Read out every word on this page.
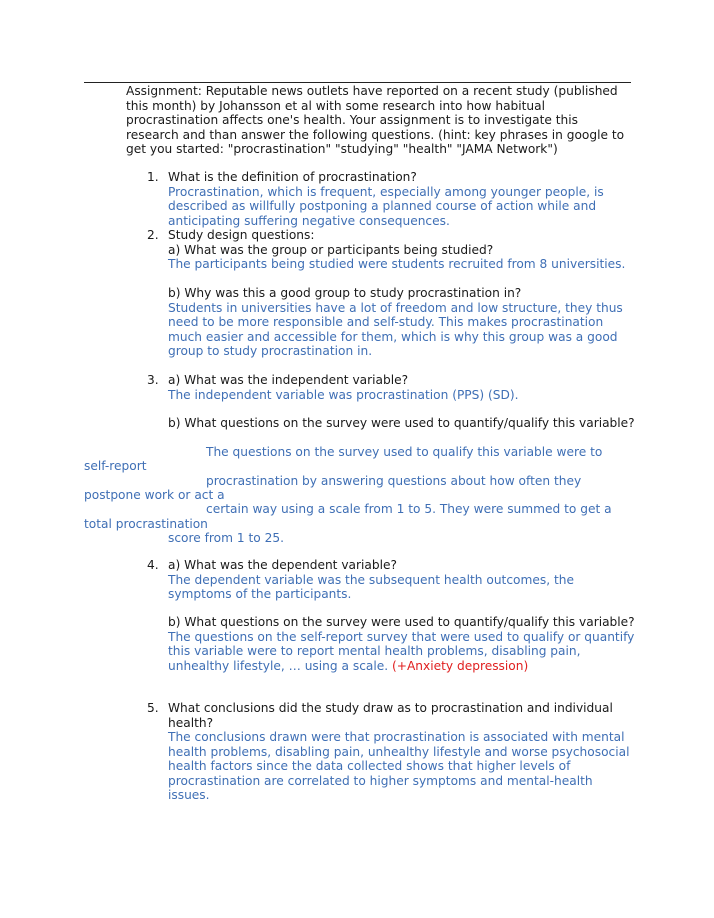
Assignment: Reputable news outlets have reported on a recent study (published this month) by Johansson et al with some research into how habitual procrastination affects one's health. Your assignment is to investigate this research and than answer the following questions. (hint: key phrases in google to get you started: "procrastination" "studying" "health" "JAMA Network")

1. What is the definition of procrastination?

Procrastination, which is frequent, especially among younger people, is described as willfully postponing a planned course of action while and anticipating suffering negative consequences.

2. Study design questions:

a) What was the group or participants being studied?

The participants being studied were students recruited from 8 universities.

b) Why was this a good group to study procrastination in?

Students in universities have a lot of freedom and low structure, they thus need to be more responsible and self-study. This makes procrastination much easier and accessible for them, which is why this group was a good group to study procrastination in.

3. a) What was the independent variable?

The independent variable was procrastination (PPS) (SD).

b) What questions on the survey were used to quantify/qualify this variable?

The questions on the survey used to qualify this variable were to
self-report
procrastination by answering questions about how often they
postpone work or act a
certain way using a scale from 1 to 5. They were summed to get a
total procrastination
score from 1 to 25.
4. a) What was the dependent variable?

The dependent variable was the subsequent health outcomes, the symptoms of the participants.

b) What questions on the survey were used to quantify/qualify this variable?

The questions on the self-report survey that were used to qualify or quantify this variable were to report mental health problems, disabling pain, unhealthy lifestyle, … using a scale. (+Anxiety depression)

5. What conclusions did the study draw as to procrastination and individual health?

The conclusions drawn were that procrastination is associated with mental health problems, disabling pain, unhealthy lifestyle and worse psychosocial health factors since the data collected shows that higher levels of procrastination are correlated to higher symptoms and mental-health issues.
